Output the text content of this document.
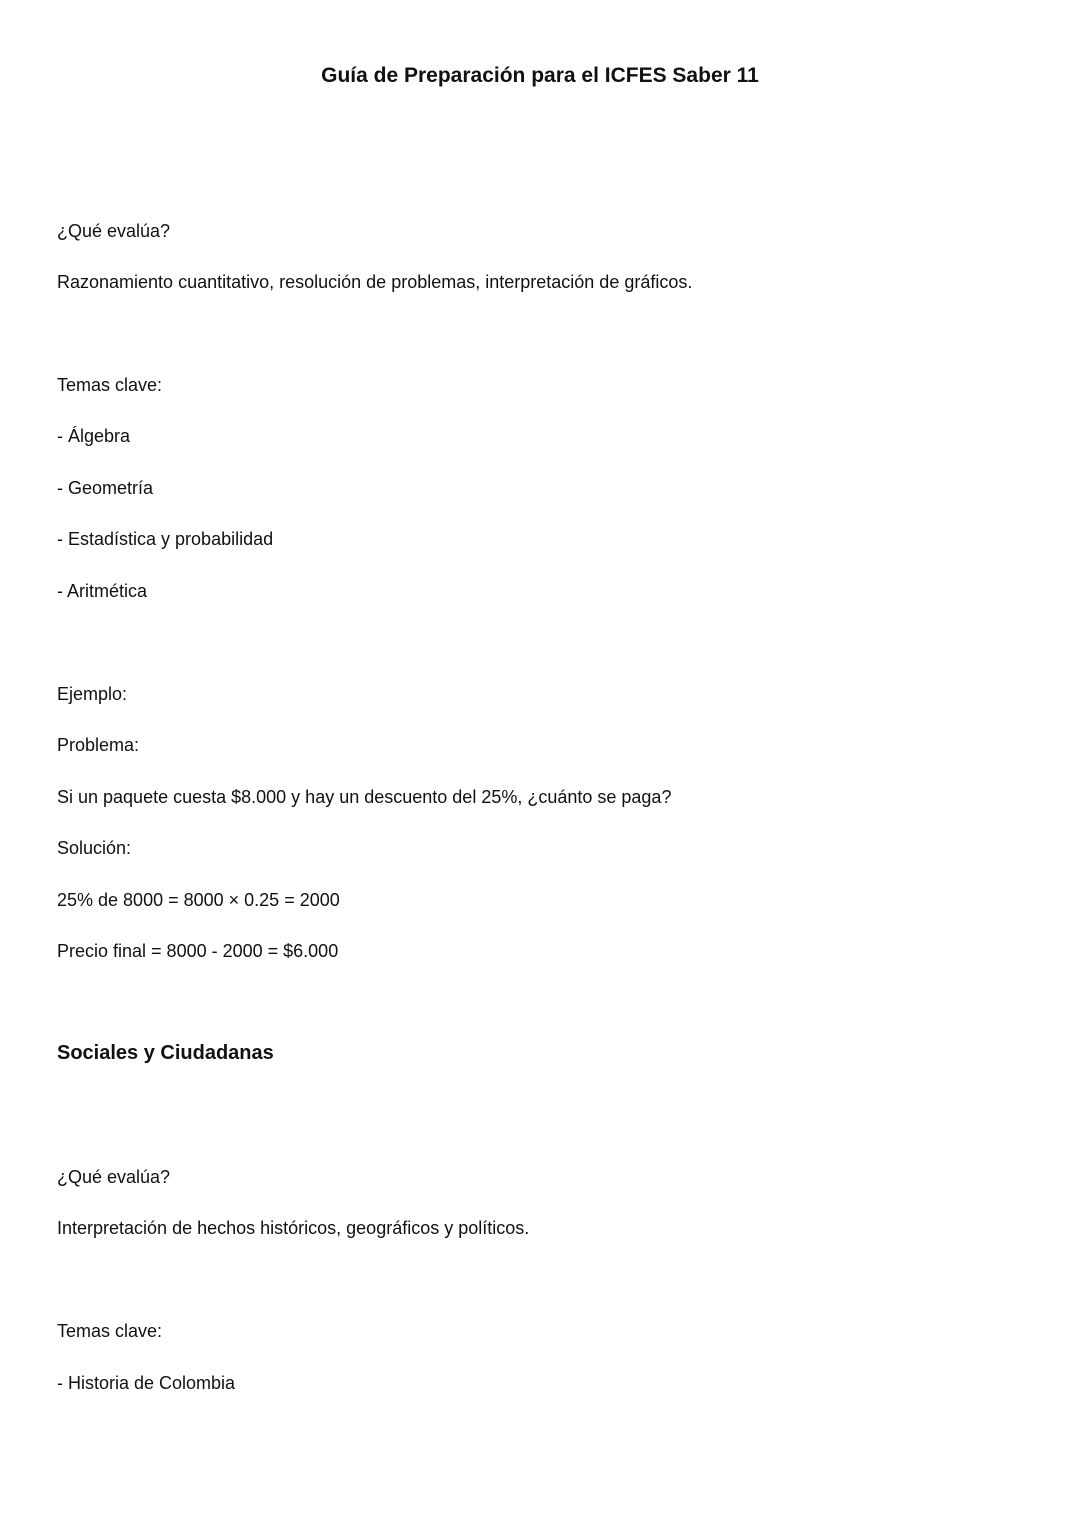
Guía de Preparación para el ICFES Saber 11
¿Qué evalúa?
Razonamiento cuantitativo, resolución de problemas, interpretación de gráficos.
Temas clave:
- Álgebra
- Geometría
- Estadística y probabilidad
- Aritmética
Ejemplo:
Problema:
Si un paquete cuesta $8.000 y hay un descuento del 25%, ¿cuánto se paga?
Solución:
25% de 8000 = 8000 × 0.25 = 2000
Precio final = 8000 - 2000 = $6.000
Sociales y Ciudadanas
¿Qué evalúa?
Interpretación de hechos históricos, geográficos y políticos.
Temas clave:
- Historia de Colombia
